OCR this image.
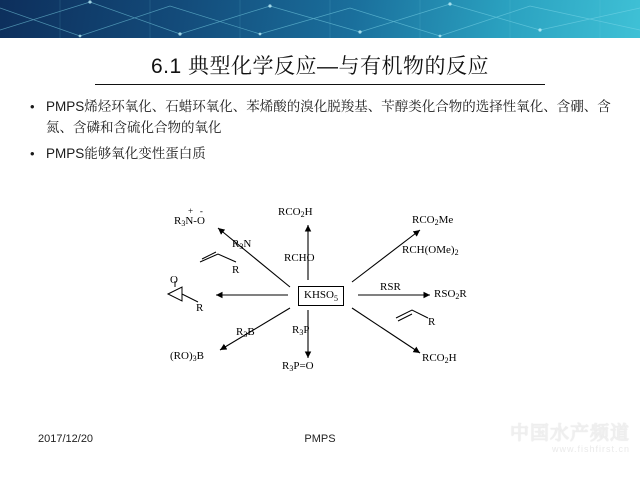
6.1 典型化学反应—与有机物的反应
• PMPS烯烃环氧化、石蜡环氧化、苯烯酸的溴化脱羧基、苄醇类化合物的选择性氧化、含硼、含氮、含磷和含硫化合物的氧化
• PMPS能够氧化变性蛋白质
$KHSO_5$
+   -
$R_3N-O$
$R_3N$
$RCO_2H$
RCHO
$RCO_2Me$
$RCH(OMe)_2$
RSR
$RSO_2R$
R
O
R
$R_3B$
$(RO)_3B$
$R_3P$
$R_3P=O$
R
$RCO_2H$
2017/12/20	PMPS	中国水产频道
www.fishfirst.cn
